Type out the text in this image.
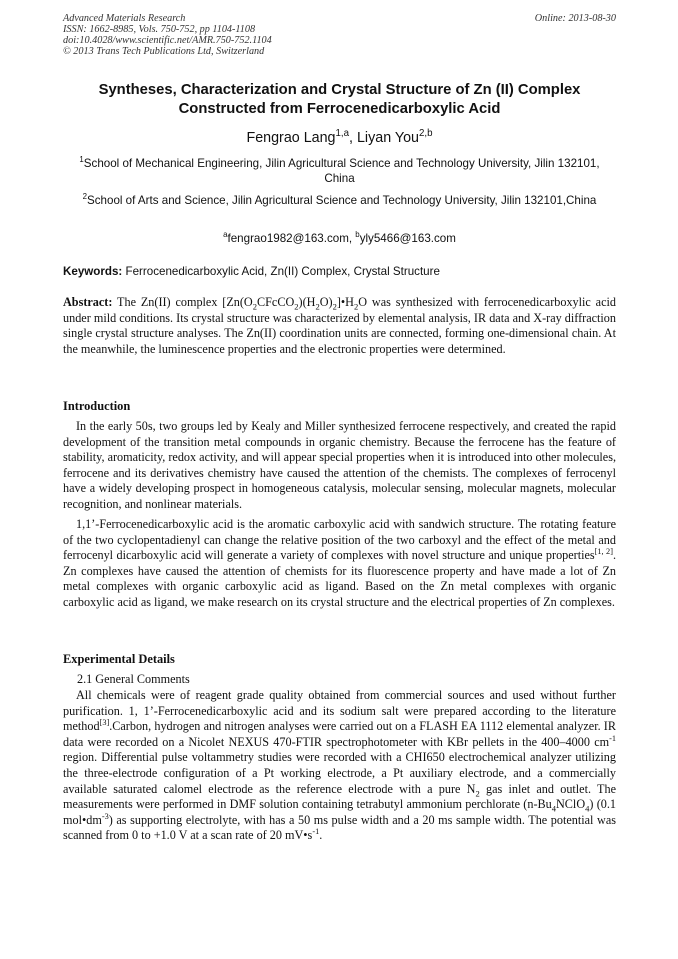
Advanced Materials Research
ISSN: 1662-8985, Vols. 750-752, pp 1104-1108
doi:10.4028/www.scientific.net/AMR.750-752.1104
© 2013 Trans Tech Publications Ltd, Switzerland
Online: 2013-08-30
Syntheses, Characterization and Crystal Structure of Zn (II) Complex
Constructed from Ferrocenedicarboxylic Acid
Fengrao Lang$^{1,a}$, Liyan You$^{2,b}$
$^1$School of Mechanical Engineering, Jilin Agricultural Science and Technology University, Jilin 132101, China
$^2$School of Arts and Science, Jilin Agricultural Science and Technology University, Jilin 132101,China
$^a$fengrao1982@163.com, $^b$yly5466@163.com
Keywords: Ferrocenedicarboxylic Acid, Zn(II) Complex, Crystal Structure

Abstract: The Zn(II) complex $[Zn(O_2CFcCO_2)(H_2O)_2]•H_2O$ was synthesized with ferrocenedicarboxylic acid under mild conditions. Its crystal structure was characterized by elemental analysis, IR data and X-ray diffraction single crystal structure analyses. The Zn(II) coordination units are connected, forming one-dimensional chain. At the meanwhile, the luminescence properties and the electronic properties were determined.

Introduction

In the early 50s, two groups led by Kealy and Miller synthesized ferrocene respectively, and created the rapid development of the transition metal compounds in organic chemistry. Because the ferrocene has the feature of stability, aromaticity, redox activity, and will appear special properties when it is introduced into other molecules, ferrocene and its derivatives chemistry have caused the attention of the chemists. The complexes of ferrocenyl have a widely developing prospect in homogeneous catalysis, molecular sensing, molecular magnets, molecular recognition, and nonlinear materials.

1,1’-Ferrocenedicarboxylic acid is the aromatic carboxylic acid with sandwich structure. The rotating feature of the two cyclopentadienyl can change the relative position of the two carboxyl and the effect of the metal and ferrocenyl dicarboxylic acid will generate a variety of complexes with novel structure and unique properties[1, 2]. Zn complexes have caused the attention of chemists for its fluorescence property and have made a lot of Zn metal complexes with organic carboxylic acid as ligand. Based on the Zn metal complexes with organic carboxylic acid as ligand, we make research on its crystal structure and the electrical properties of Zn complexes.

Experimental Details
2.1 General Comments

All chemicals were of reagent grade quality obtained from commercial sources and used without further purification. 1, 1’-Ferrocenedicarboxylic acid and its sodium salt were prepared according to the literature method[3].Carbon, hydrogen and nitrogen analyses were carried out on a FLASH EA 1112 elemental analyzer. IR data were recorded on a Nicolet NEXUS 470-FTIR spectrophotometer with KBr pellets in the 400–4000 $cm^{-1}$ region. Differential pulse voltammetry studies were recorded with a CHI650 electrochemical analyzer utilizing the three-electrode configuration of a Pt working electrode, a Pt auxiliary electrode, and a commercially available saturated calomel electrode as the reference electrode with a pure $N_2$ gas inlet and outlet. The measurements were performed in DMF solution containing tetrabutyl ammonium perchlorate $(n-Bu_4NClO_4)$ (0.1 $mol•dm^{-3}$) as supporting electrolyte, with has a 50 ms pulse width and a 20 ms sample width. The potential was scanned from 0 to +1.0 V at a scan rate of 20 $mV•s^{-1}$.
